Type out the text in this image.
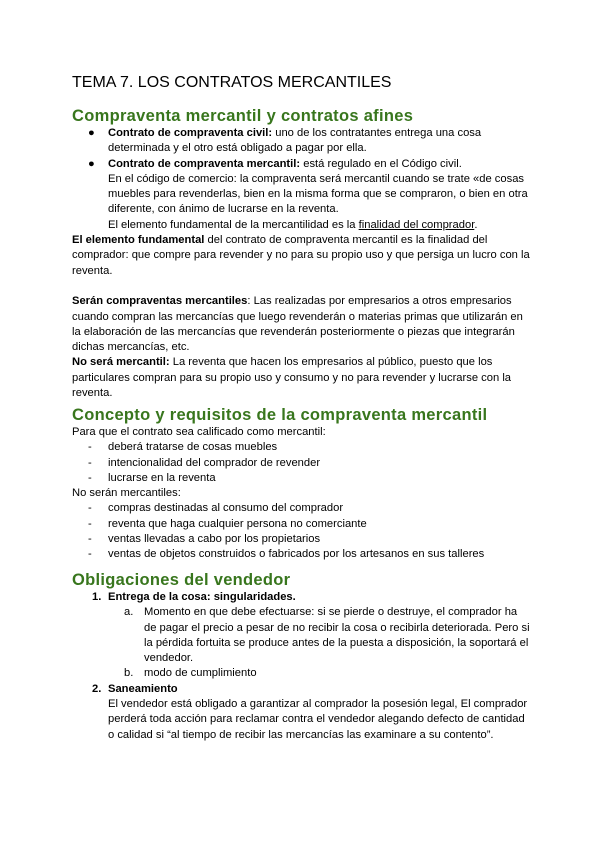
TEMA 7. LOS CONTRATOS MERCANTILES
Compraventa mercantil y contratos afines
● Contrato de compraventa civil: uno de los contratantes entrega una cosa determinada y el otro está obligado a pagar por ella.

● Contrato de compraventa mercantil: está regulado en el Código civil.

En el código de comercio: la compraventa será mercantil cuando se trate «de cosas muebles para revenderlas, bien en la misma forma que se compraron, o bien en otra diferente, con ánimo de lucrarse en la reventa.

El elemento fundamental de la mercantilidad es la finalidad del comprador.

El elemento fundamental del contrato de compraventa mercantil es la finalidad del comprador: que compre para revender y no para su propio uso y que persiga un lucro con la reventa.

Serán compraventas mercantiles: Las realizadas por empresarios a otros empresarios cuando compran las mercancías que luego revenderán o materias primas que utilizarán en la elaboración de las mercancías que revenderán posteriormente o piezas que integrarán dichas mercancías, etc.

No será mercantil: La reventa que hacen los empresarios al público, puesto que los particulares compran para su propio uso y consumo y no para revender y lucrarse con la reventa.

Concepto y requisitos de la compraventa mercantil

Para que el contrato sea calificado como mercantil:

- deberá tratarse de cosas muebles
- intencionalidad del comprador de revender
- lucrarse en la reventa

No serán mercantiles:

- compras destinadas al consumo del comprador
- reventa que haga cualquier persona no comerciante
- ventas llevadas a cabo por los propietarios
- ventas de objetos construidos o fabricados por los artesanos en sus talleres
Obligaciones del vendedor
1. Entrega de la cosa: singularidades.
a. Momento en que debe efectuarse: si se pierde o destruye, el comprador ha de pagar el precio a pesar de no recibir la cosa o recibirla deteriorada. Pero si la pérdida fortuita se produce antes de la puesta a disposición, la soportará el vendedor.

b. modo de cumplimiento

2. Saneamiento

El vendedor está obligado a garantizar al comprador la posesión legal, El comprador perderá toda acción para reclamar contra el vendedor alegando defecto de cantidad o calidad si “al tiempo de recibir las mercancías las examinare a su contento”.
